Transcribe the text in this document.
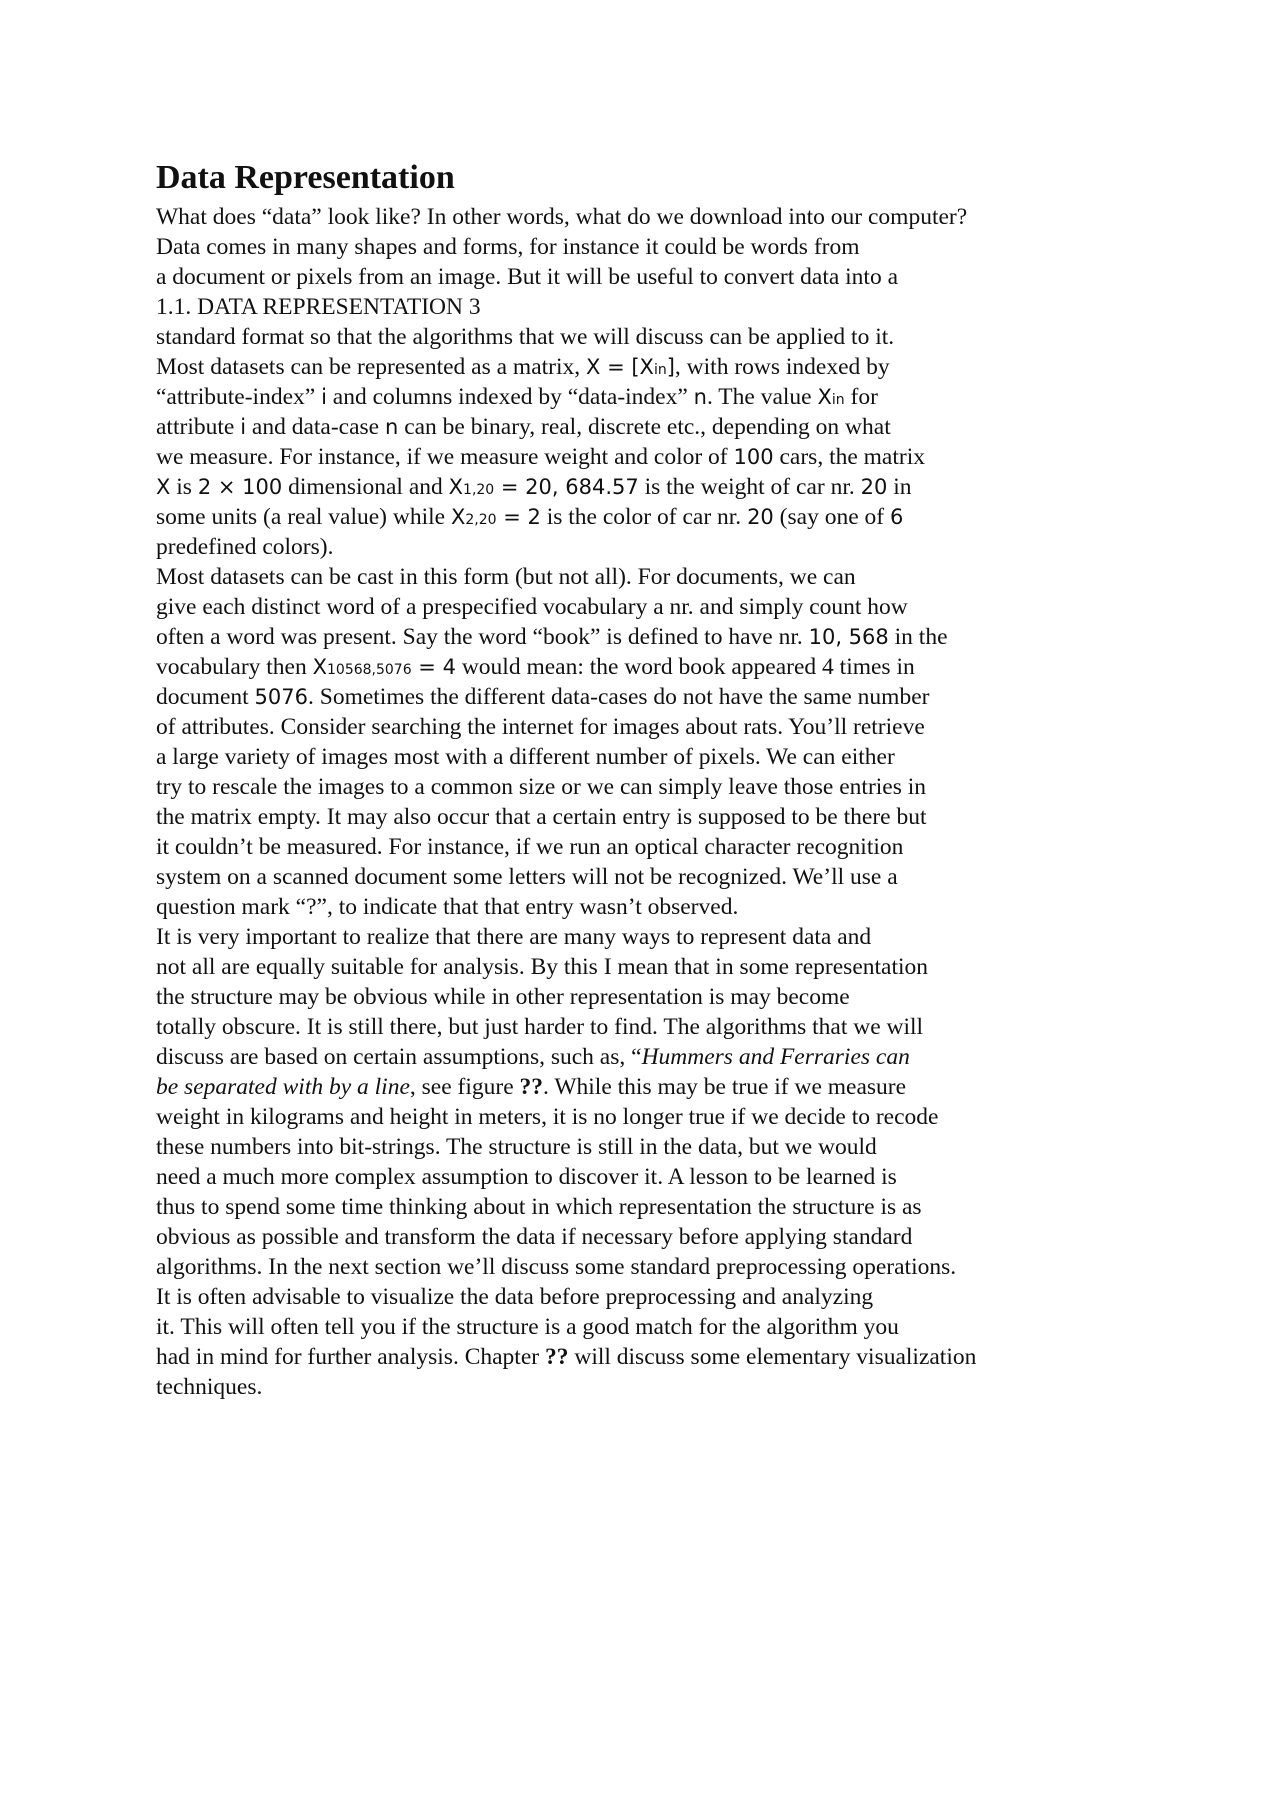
Data Representation
What does “data” look like? In other words, what do we download into our computer?
Data comes in many shapes and forms, for instance it could be words from
a document or pixels from an image. But it will be useful to convert data into a
1.1. DATA REPRESENTATION 3
standard format so that the algorithms that we will discuss can be applied to it.
Most datasets can be represented as a matrix, X = [Xin], with rows indexed by
“attribute-index” i and columns indexed by “data-index” n. The value Xin for
attribute i and data-case n can be binary, real, discrete etc., depending on what
we measure. For instance, if we measure weight and color of 100 cars, the matrix
X is 2 × 100 dimensional and X1,20 = 20, 684.57 is the weight of car nr. 20 in
some units (a real value) while X2,20 = 2 is the color of car nr. 20 (say one of 6
predefined colors).
Most datasets can be cast in this form (but not all). For documents, we can
give each distinct word of a prespecified vocabulary a nr. and simply count how
often a word was present. Say the word “book” is defined to have nr. 10, 568 in the
vocabulary then X10568,5076 = 4 would mean: the word book appeared 4 times in
document 5076. Sometimes the different data-cases do not have the same number
of attributes. Consider searching the internet for images about rats. You’ll retrieve
a large variety of images most with a different number of pixels. We can either
try to rescale the images to a common size or we can simply leave those entries in
the matrix empty. It may also occur that a certain entry is supposed to be there but
it couldn’t be measured. For instance, if we run an optical character recognition
system on a scanned document some letters will not be recognized. We’ll use a
question mark “?”, to indicate that that entry wasn’t observed.
It is very important to realize that there are many ways to represent data and
not all are equally suitable for analysis. By this I mean that in some representation
the structure may be obvious while in other representation is may become
totally obscure. It is still there, but just harder to find. The algorithms that we will
discuss are based on certain assumptions, such as, “Hummers and Ferraries can
be separated with by a line, see figure ??. While this may be true if we measure
weight in kilograms and height in meters, it is no longer true if we decide to recode
these numbers into bit-strings. The structure is still in the data, but we would
need a much more complex assumption to discover it. A lesson to be learned is
thus to spend some time thinking about in which representation the structure is as
obvious as possible and transform the data if necessary before applying standard
algorithms. In the next section we’ll discuss some standard preprocessing operations.
It is often advisable to visualize the data before preprocessing and analyzing
it. This will often tell you if the structure is a good match for the algorithm you
had in mind for further analysis. Chapter ?? will discuss some elementary visualization
techniques.
